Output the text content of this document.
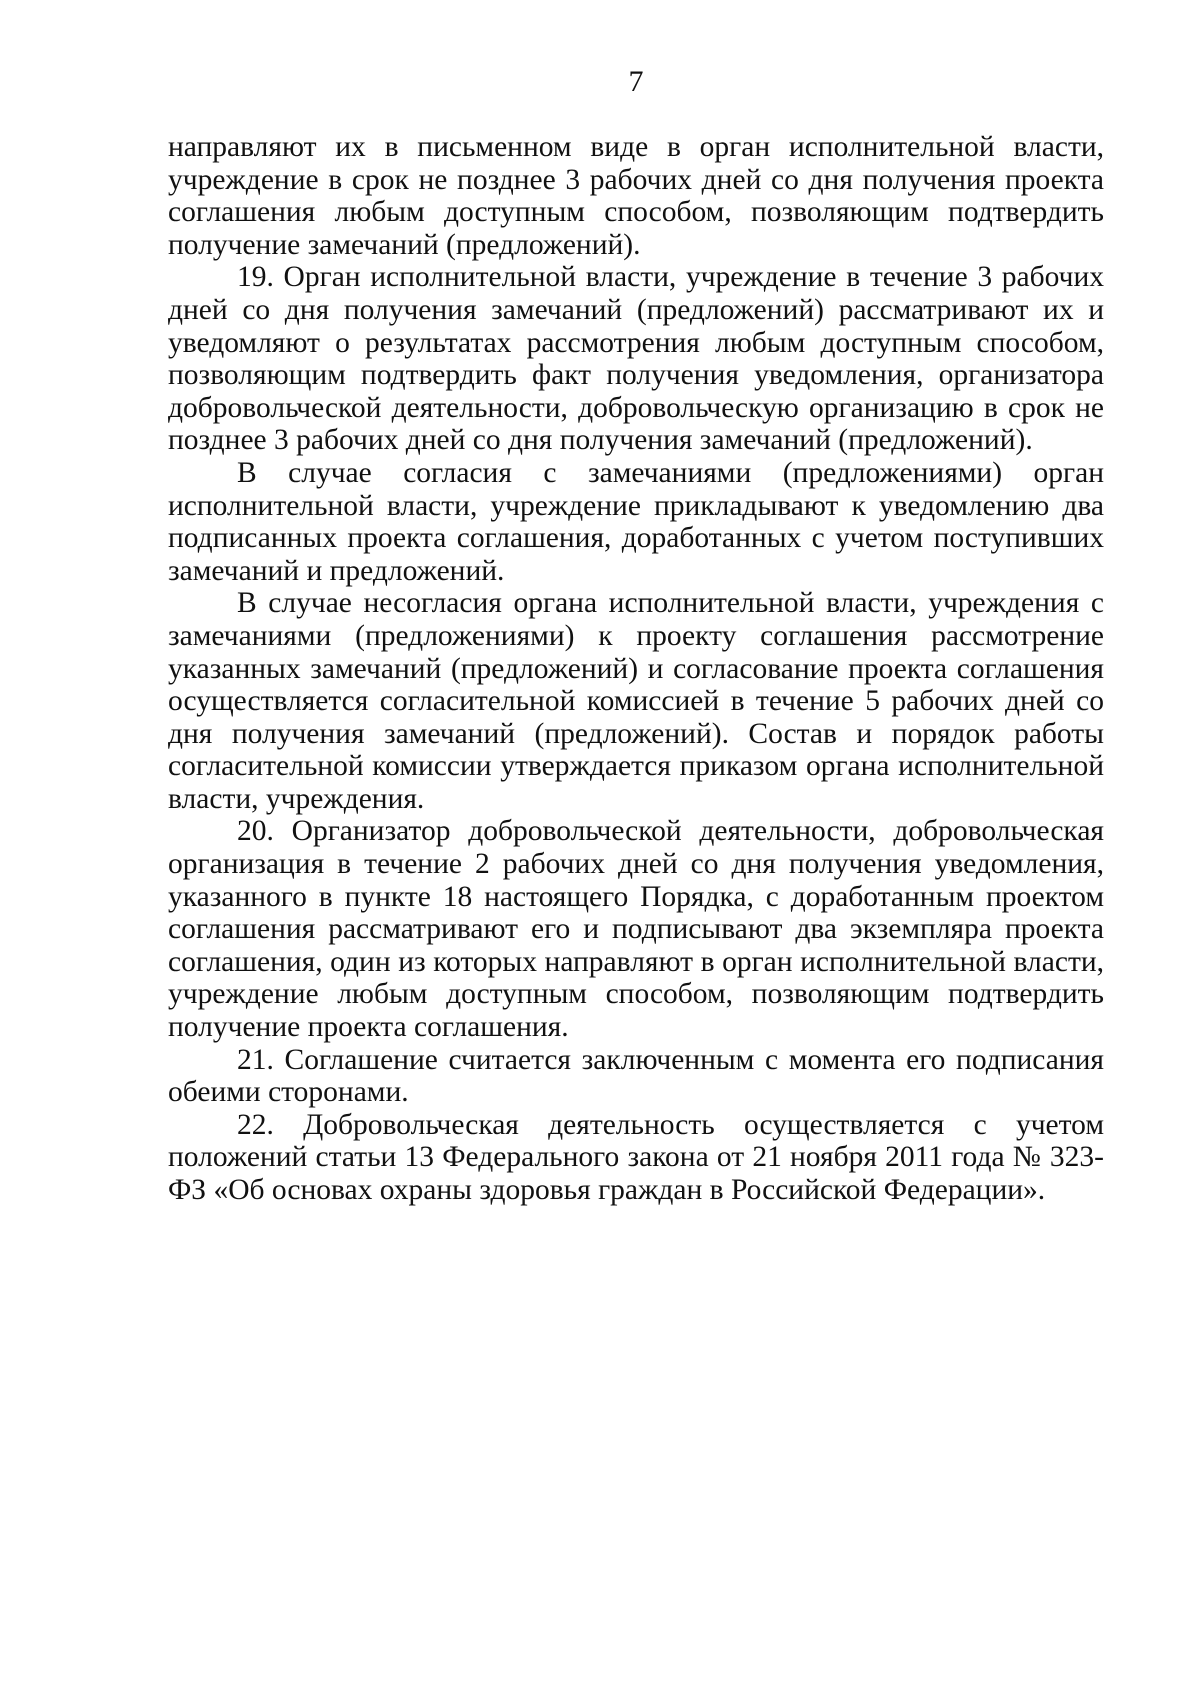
7

направляют их в письменном виде в орган исполнительной власти, учреждение в срок не позднее 3 рабочих дней со дня получения проекта соглашения любым доступным способом, позволяющим подтвердить получение замечаний (предложений).

19. Орган исполнительной власти, учреждение в течение 3 рабочих дней со дня получения замечаний (предложений) рассматривают их и уведомляют о результатах рассмотрения любым доступным способом, позволяющим подтвердить факт получения уведомления, организатора добровольческой деятельности, добровольческую организацию в срок не позднее 3 рабочих дней со дня получения замечаний (предложений).

В случае согласия с замечаниями (предложениями) орган исполнительной власти, учреждение прикладывают к уведомлению два подписанных проекта соглашения, доработанных с учетом поступивших замечаний и предложений.

В случае несогласия органа исполнительной власти, учреждения с замечаниями (предложениями) к проекту соглашения рассмотрение указанных замечаний (предложений) и согласование проекта соглашения осуществляется согласительной комиссией в течение 5 рабочих дней со дня получения замечаний (предложений). Состав и порядок работы согласительной комиссии утверждается приказом органа исполнительной власти, учреждения.

20. Организатор добровольческой деятельности, добровольческая организация в течение 2 рабочих дней со дня получения уведомления, указанного в пункте 18 настоящего Порядка, с доработанным проектом соглашения рассматривают его и подписывают два экземпляра проекта соглашения, один из которых направляют в орган исполнительной власти, учреждение любым доступным способом, позволяющим подтвердить получение проекта соглашения.

21. Соглашение считается заключенным с момента его подписания обеими сторонами.

22. Добровольческая деятельность осуществляется с учетом положений статьи 13 Федерального закона от 21 ноября 2011 года № 323-ФЗ «Об основах охраны здоровья граждан в Российской Федерации».
